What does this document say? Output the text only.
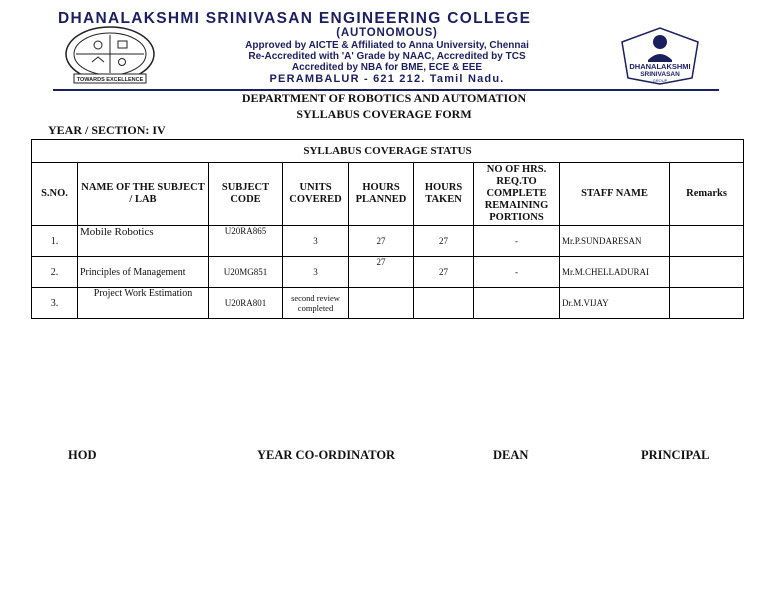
DHANALAKSHMI SRINIVASAN ENGINEERING COLLEGE
TOWARDS EXCELLENCE
(AUTONOMOUS)
Approved by AICTE & Affiliated to Anna University, Chennai
Re-Accredited with 'A' Grade by NAAC, Accredited by TCS
Accredited by NBA for BME, ECE & EEE
PERAMBALUR - 621 212. Tamil Nadu.
DHANALAKSHMI
SRINIVASAN
GROUP
DEPARTMENT OF ROBOTICS AND AUTOMATION
SYLLABUS COVERAGE FORM
YEAR / SECTION: IV
SYLLABUS COVERAGE STATUS								
S.NO.	NAME OF THE SUBJECT / LAB	SUBJECT CODE	UNITS COVERED	HOURS PLANNED	HOURS TAKEN	NO OF HRS. REQ.TO COMPLETE REMAINING PORTIONS	STAFF NAME	Remarks
1.	Mobile Robotics	U20RA865	3	27	27	-	Mr.P.SUNDARESAN	
2.	Principles of Management	U20MG851	3	27	27	-	Mr.M.CHELLADURAI	
3.	Project Work Estimation	U20RA801	second review completed				Dr.M.VIJAY	
HOD	YEAR CO-ORDINATOR	DEAN	PRINCIPAL
